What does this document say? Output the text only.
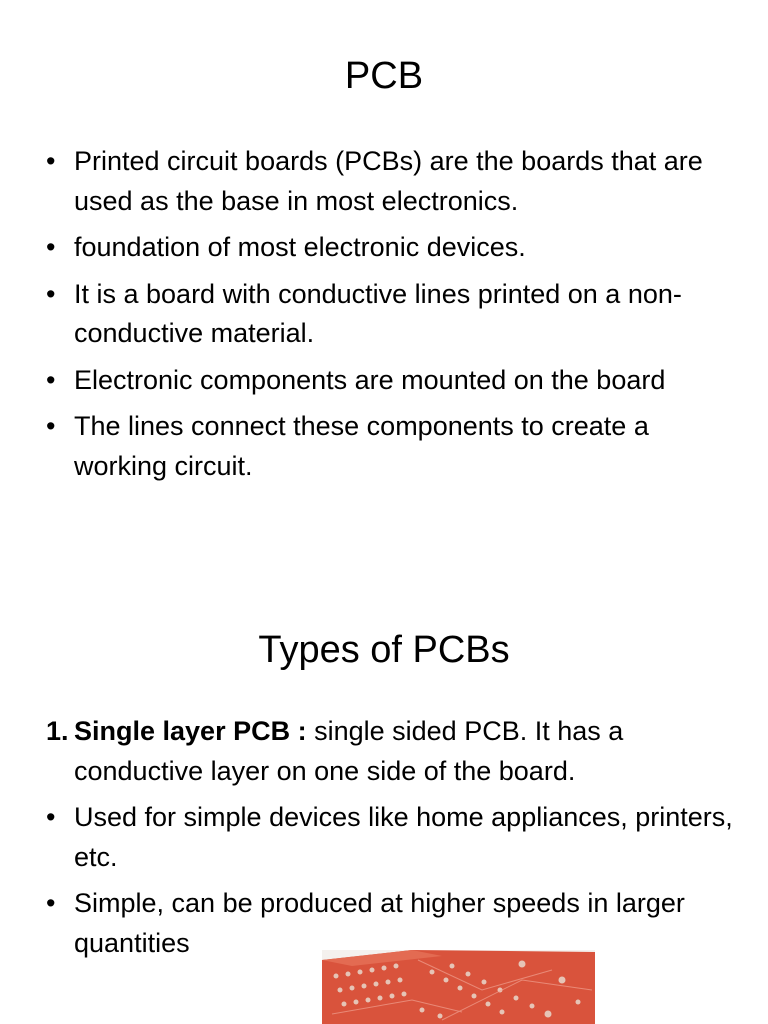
PCB
• Printed circuit boards (PCBs) are the boards that are used as the base in most electronics.
• foundation of most electronic devices.
• It is a board with conductive lines printed on a non-conductive material.
• Electronic components are mounted on the board
• The lines connect these components to create a working circuit.
Types of PCBs
1. Single layer PCB : single sided PCB. It has a conductive layer on one side of the board.
• Used for simple devices like home appliances, printers, etc.
• Simple, can be produced at higher speeds in larger quantities
